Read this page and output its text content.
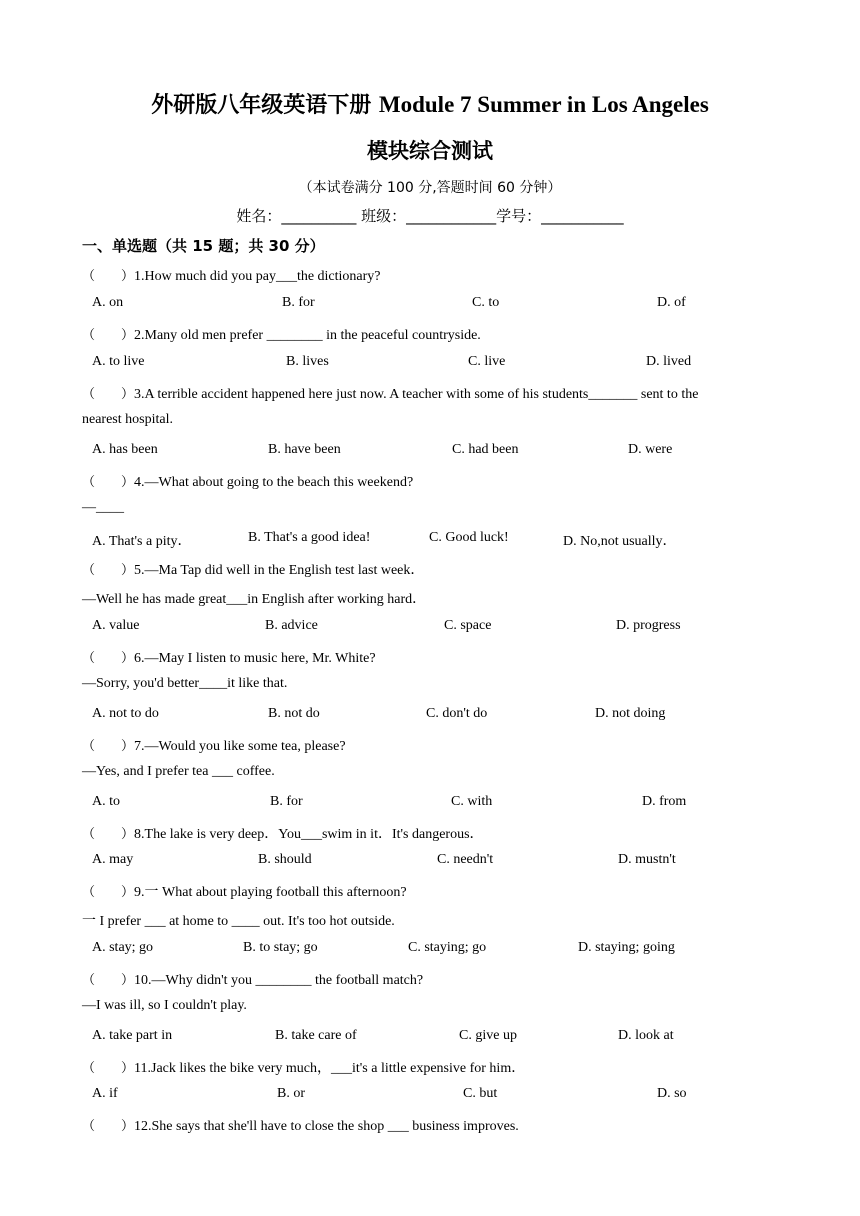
外研版八年级英语下册 Module 7 Summer in Los Angeles
模块综合测试
（本试卷满分 100 分,答题时间 60 分钟）
姓名：__________ 班级：____________学号：___________
一、单选题（共 15 题；共 30 分）
（　　）1.How much did you pay___the dictionary?
A. on	B. for	C. to	D. of
（　　）2.Many old men prefer ________ in the peaceful countryside.
A. to live	B. lives	C. live	D. lived
（　　）3.A terrible accident happened here just now. A teacher with some of his students_______ sent to the
nearest hospital.
A. has been	B. have been	C. had been	D. were
（　　）4.—What about going to the beach this weekend?
—____
A. That's a pity．	B. That's a good idea!	C. Good luck!	D. No,not usually．
（　　）5.—Ma Tap did well in the English test last week．
—Well he has made great___in English after working hard．
A. value	B. advice	C. space	D. progress
（　　）6.—May I listen to music here, Mr. White?
—Sorry, you'd better____it like that.
A. not to do	B. not do	C. don't do	D. not doing
（　　）7.—Would you like some tea, please?
—Yes, and I prefer tea ___ coffee.
A. to	B. for	C. with	D. from
（　　）8.The lake is very deep．You___swim in it．It's dangerous．
A. may	B. should	C. needn't	D. mustn't
（　　）9.一 What about playing football this afternoon?
一 I prefer ___ at home to ____ out. It's too hot outside.
A. stay; go	B. to stay; go	C. staying; go	D. staying; going
（　　）10.—Why didn't you ________ the football match?
—I was ill, so I couldn't play.
A. take part in	B. take care of	C. give up	D. look at
（　　）11.Jack likes the bike very much，___it's a little expensive for him．
A. if	B. or	C. but	D. so
（　　）12.She says that she'll have to close the shop ___ business improves.
